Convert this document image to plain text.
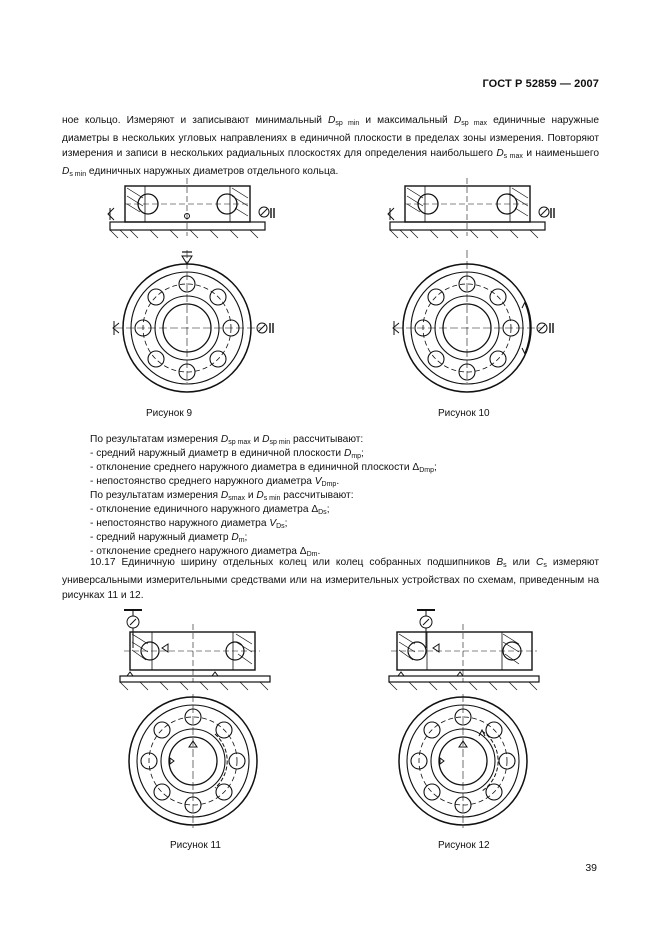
ГОСТ Р 52859 — 2007
ное кольцо. Измеряют и записывают минимальный $D_{sp min}$ и максимальный $D_{sp max}$ единичные наружные диаметры в нескольких угловых направлениях в единичной плоскости в пределах зоны измерения. Повторяют измерения и записи в нескольких радиальных плоскостях для определения наибольшего $D_{s max}$ и наименьшего $D_{s min}$ единичных наружных диаметров отдельного кольца.
Рисунок 9	Рисунок 10
По результатам измерения $D_{sp max}$ и $D_{sp min}$ рассчитывают:
- средний наружный диаметр в единичной плоскости $D_{mp}$;
- отклонение среднего наружного диаметра в единичной плоскости $\Delta_{Dmp}$;
- непостоянство среднего наружного диаметра $V_{Dmp}$.
По результатам измерения $D_{smax}$ и $D_{s min}$ рассчитывают:
- отклонение единичного наружного диаметра $\Delta_{Ds}$;
- непостоянство наружного диаметра $V_{Ds}$;
- средний наружный диаметр $D_m$;
- отклонение среднего наружного диаметра $\Delta_{Dm}$.
10.17 Единичную ширину отдельных колец или колец собранных подшипников $B_s$ или $C_s$ измеряют универсальными измерительными средствами или на измерительных устройствах по схемам, приведенным на рисунках 11 и 12.
Рисунок 11	Рисунок 12
39
